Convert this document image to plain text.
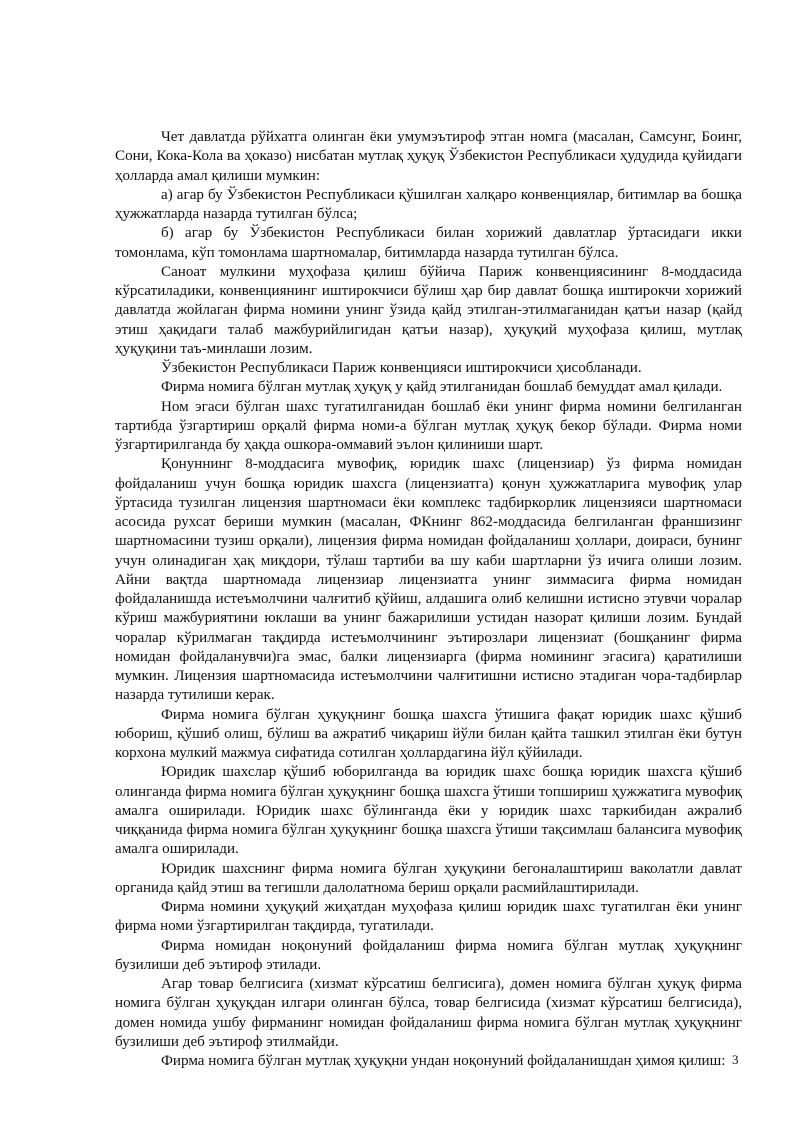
Чет давлатда рўйхатга олинган ёки умумэътироф этган номга (масалан, Самсунг, Боинг, Сони, Кока-Кола ва ҳоказо) нисбатан мутлақ ҳуқуқ Ўзбекистон Республикаси ҳудудида қуйидаги ҳолларда амал қилиши мумкин:

а) агар бу Ўзбекистон Республикаси қўшилган халқаро конвенциялар, битимлар ва бошқа ҳужжатларда назарда тутилган бўлса;

б) агар бу Ўзбекистон Республикаси билан хорижий давлатлар ўртасидаги икки томонлама, кўп томонлама шартномалар, битимларда назарда тутилган бўлса.

Саноат мулкини муҳофаза қилиш бўйича Париж конвенциясининг 8-моддасида кўрсатиладики, конвенциянинг иштирокчиси бўлиш ҳар бир давлат бошқа иштирокчи хорижий давлатда жойлаган фирма номини унинг ўзида қайд этилган-этилмаганидан қатъи назар (қайд этиш ҳақидаги талаб мажбурийлигидан қатъи назар), ҳуқуқий муҳофаза қилиш, мутлақ ҳуқуқини таъ-минлаши лозим.

Ўзбекистон Республикаси Париж конвенцияси иштирокчиси ҳисобланади.

Фирма номига бўлган мутлақ ҳуқуқ у қайд этилганидан бошлаб бемуддат амал қилади.

Ном эгаси бўлган шахс тугатилганидан бошлаб ёки унинг фирма номини белгиланган тартибда ўзгартириш орқалй фирма номи-а бўлган мутлақ ҳуқуқ бекор бўлади. Фирма номи ўзгартирилганда бу ҳақда ошкора-оммавий эълон қилиниши шарт.

Қонуннинг 8-моддасига мувофиқ, юридик шахс (лицензиар) ўз фирма номидан фойдаланиш учун бошқа юридик шахсга (лицензиатга) қонун ҳужжатларига мувофиқ улар ўртасида тузилган лицензия шартномаси ёки комплекс тадбиркорлик лицензияси шартномаси асосида рухсат бериши мумкин (масалан, ФКнинг 862-моддасида белгиланган франшизинг шартномасини тузиш орқали), лицензия фирма номидан фойдаланиш ҳоллари, доираси, бунинг учун олинадиган ҳақ миқдори, тўлаш тартиби ва шу каби шартларни ўз ичига олиши лозим. Айни вақтда шартномада лицензиар лицензиатга унинг зиммасига фирма номидан фойдаланишда истеъмолчини чалғитиб қўйиш, алдашига олиб келишни истисно этувчи чоралар кўриш мажбуриятини юклаши ва унинг бажарилиши устидан назорат қилиши лозим. Бундай чоралар кўрилмаган тақдирда истеъмолчининг эътирозлари лицензиат (бошқанинг фирма номидан фойдаланувчи)га эмас, балки лицензиарга (фирма номининг эгасига) қаратилиши мумкин. Лицензия шартномасида истеъмолчини чалғитишни истисно этадиган чора-тадбирлар назарда тутилиши керак.

Фирма номига бўлган ҳуқуқнинг бошқа шахсга ўтишига фақат юридик шахс қўшиб юбориш, қўшиб олиш, бўлиш ва ажратиб чиқариш йўли билан қайта ташкил этилган ёки бутун корхона мулкий мажмуа сифатида сотилган ҳоллардагина йўл қўйилади.

Юридик шахслар қўшиб юборилганда ва юридик шахс бошқа юридик шахсга қўшиб олинганда фирма номига бўлган ҳуқуқнинг бошқа шахсга ўтиши топшириш ҳужжатига мувофиқ амалга оширилади. Юридик шахс бўлинганда ёки у юридик шахс таркибидан ажралиб чиққанида фирма номига бўлган ҳуқуқнинг бошқа шахсга ўтиши тақсимлаш балансига мувофиқ амалга оширилади.

Юридик шахснинг фирма номига бўлган ҳуқуқини бегоналаштириш ваколатли давлат органида қайд этиш ва тегишли далолатнома бериш орқали расмийлаштирилади.

Фирма номини ҳуқуқий жиҳатдан муҳофаза қилиш юридик шахс тугатилган ёки унинг фирма номи ўзгартирилган тақдирда, тугатилади.

Фирма номидан ноқонуний фойдаланиш фирма номига бўлган мутлақ ҳуқуқнинг бузилиши деб эътироф этилади.

Агар товар белгисига (хизмат кўрсатиш белгисига), домен номига бўлган ҳуқуқ фирма номига бўлган ҳуқуқдан илгари олинган бўлса, товар белгисида (хизмат кўрсатиш белгисида), домен номида ушбу фирманинг номидан фойдаланиш фирма номига бўлган мутлақ ҳуқуқнинг бузилиши деб эътироф этилмайди.

Фирма номига бўлган мутлақ ҳуқуқни ундан ноқонуний фойдаланишдан ҳимоя қилиш: 3
